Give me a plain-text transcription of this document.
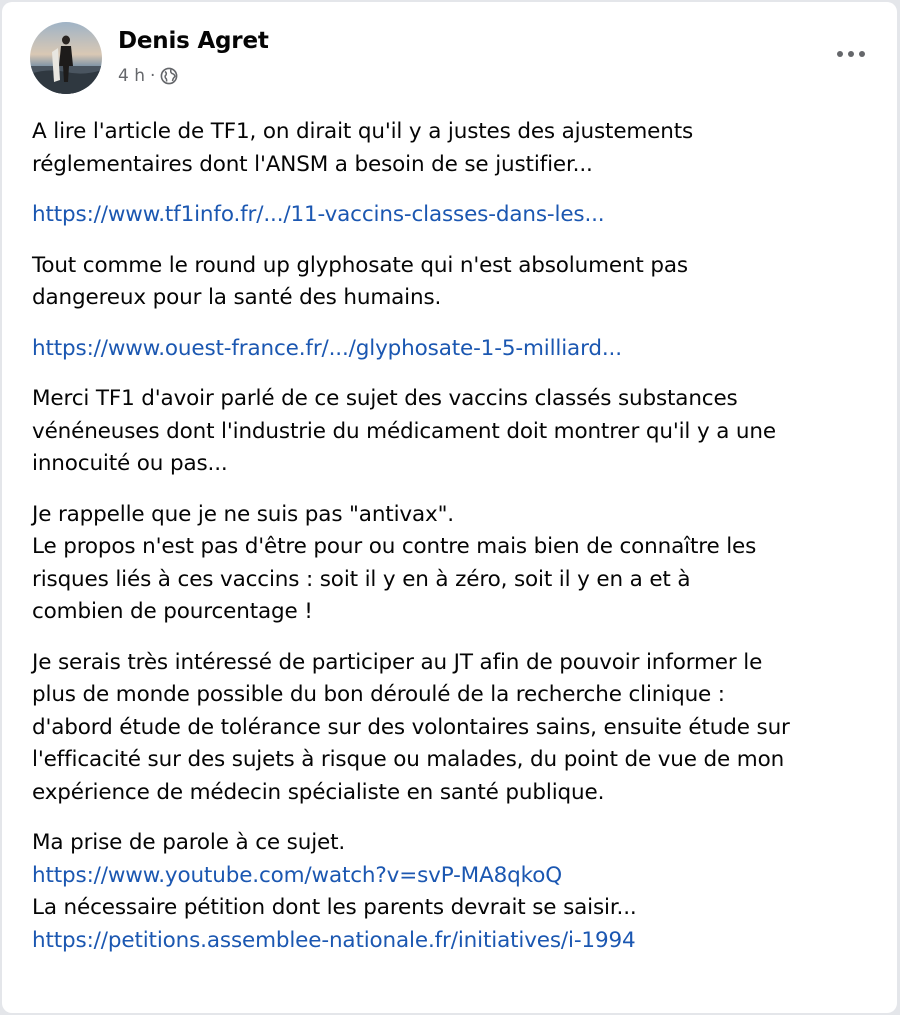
Denis Agret
4 h ·

A lire l'article de TF1, on dirait qu'il y a justes des ajustements
réglementaires dont l'ANSM a besoin de se justifier...

https://www.tf1info.fr/.../11-vaccins-classes-dans-les...

Tout comme le round up glyphosate qui n'est absolument pas
dangereux pour la santé des humains.

https://www.ouest-france.fr/.../glyphosate-1-5-milliard...

Merci TF1 d'avoir parlé de ce sujet des vaccins classés substances
vénéneuses dont l'industrie du médicament doit montrer qu'il y a une
innocuité ou pas...

Je rappelle que je ne suis pas "antivax".
Le propos n'est pas d'être pour ou contre mais bien de connaître les
risques liés à ces vaccins : soit il y en à zéro, soit il y en a et à
combien de pourcentage !

Je serais très intéressé de participer au JT afin de pouvoir informer le
plus de monde possible du bon déroulé de la recherche clinique :
d'abord étude de tolérance sur des volontaires sains, ensuite étude sur
l'efficacité sur des sujets à risque ou malades, du point de vue de mon
expérience de médecin spécialiste en santé publique.

Ma prise de parole à ce sujet.
https://www.youtube.com/watch?v=svP-MA8qkoQ
La nécessaire pétition dont les parents devrait se saisir...
https://petitions.assemblee-nationale.fr/initiatives/i-1994
